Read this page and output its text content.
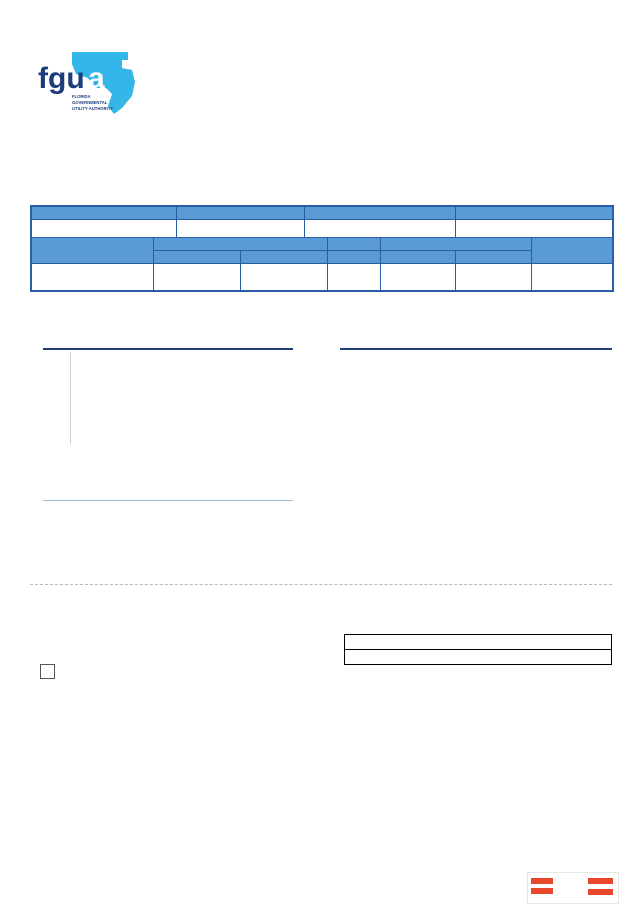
fgu a
FLORIDA
GOVERNMENTAL
UTILITY AUTHORITY
